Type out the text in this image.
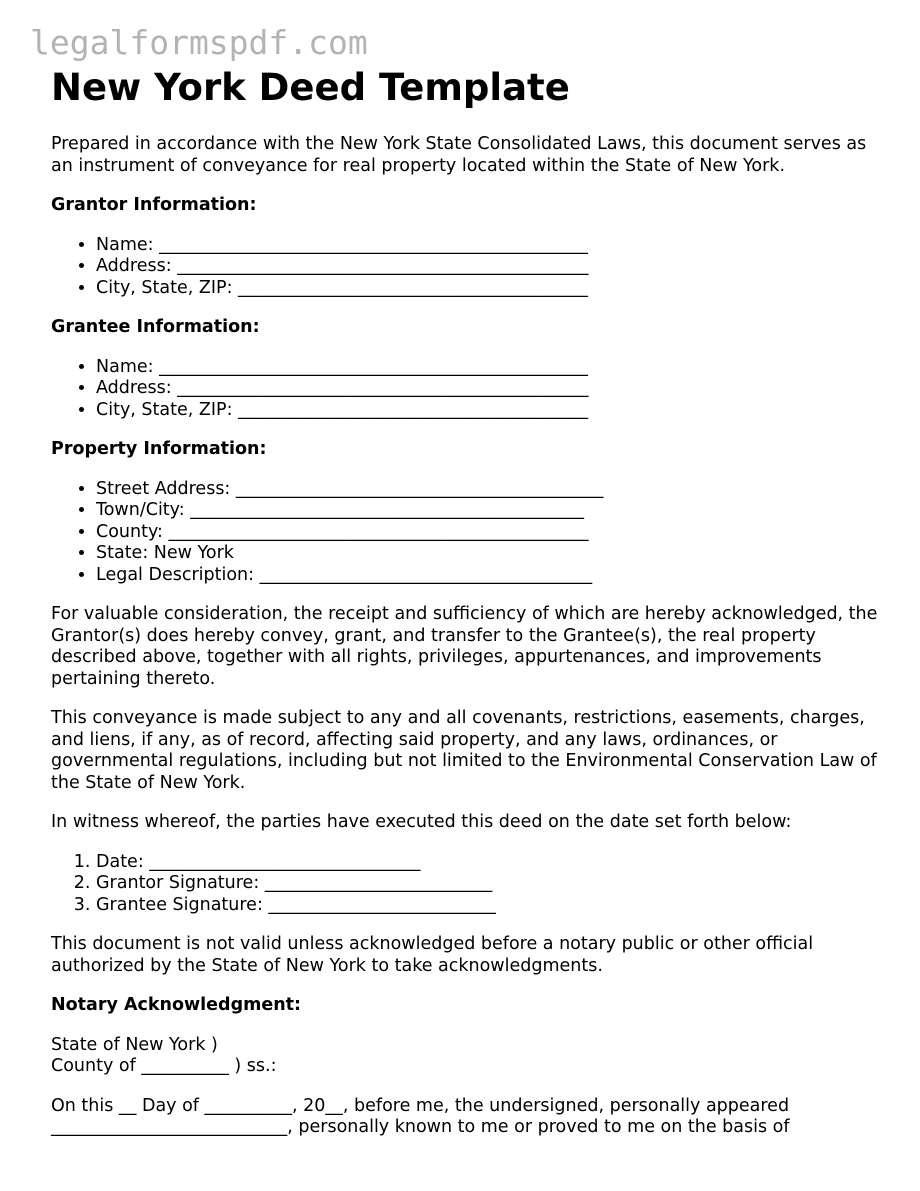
legalformspdf.com
New York Deed Template

Prepared in accordance with the New York State Consolidated Laws, this document serves as an instrument of conveyance for real property located within the State of New York.

Grantor Information:

• Name: _________________________________________________
• Address: _______________________________________________
• City, State, ZIP: ________________________________________

Grantee Information:

• Name: _________________________________________________
• Address: _______________________________________________
• City, State, ZIP: ________________________________________

Property Information:

• Street Address: __________________________________________
• Town/City: _____________________________________________
• County: ________________________________________________
• State: New York
• Legal Description: ______________________________________

For valuable consideration, the receipt and sufficiency of which are hereby acknowledged, the Grantor(s) does hereby convey, grant, and transfer to the Grantee(s), the real property described above, together with all rights, privileges, appurtenances, and improvements pertaining thereto.

This conveyance is made subject to any and all covenants, restrictions, easements, charges, and liens, if any, as of record, affecting said property, and any laws, ordinances, or governmental regulations, including but not limited to the Environmental Conservation Law of the State of New York.

In witness whereof, the parties have executed this deed on the date set forth below:

1. Date: _______________________________
2. Grantor Signature: __________________________
3. Grantee Signature: __________________________

This document is not valid unless acknowledged before a notary public or other official authorized by the State of New York to take acknowledgments.

Notary Acknowledgment:

State of New York )

County of __________ ) ss.:

On this __ Day of __________, 20__, before me, the undersigned, personally appeared ___________________________, personally known to me or proved to me on the basis of
